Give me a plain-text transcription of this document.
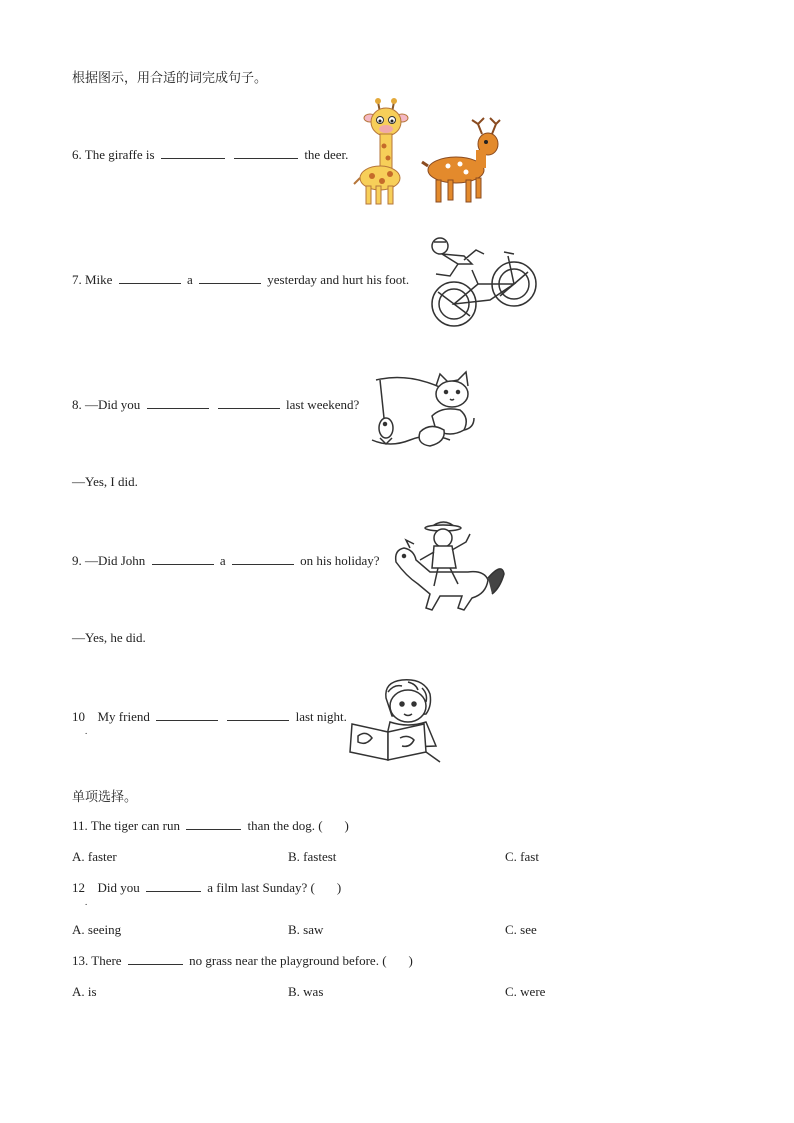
根据图示，用合适的词完成句子。
6. The giraffe is	the deer.
7. Mike	a	yesterday and hurt his foot.
8. —Did you	last weekend?
—Yes, I did.
9. —Did John	a	on his holiday?
—Yes, he did.
10 My friend	last night.
.
单项选择。
11. The tiger can run	than the dog. ( )
A. faster	B. fastest	C. fast
12 Did you	a film last Sunday? ( )
.
A. seeing	B. saw	C. see
13. There	no grass near the playground before. ( )
A. is	B. was	C. were
